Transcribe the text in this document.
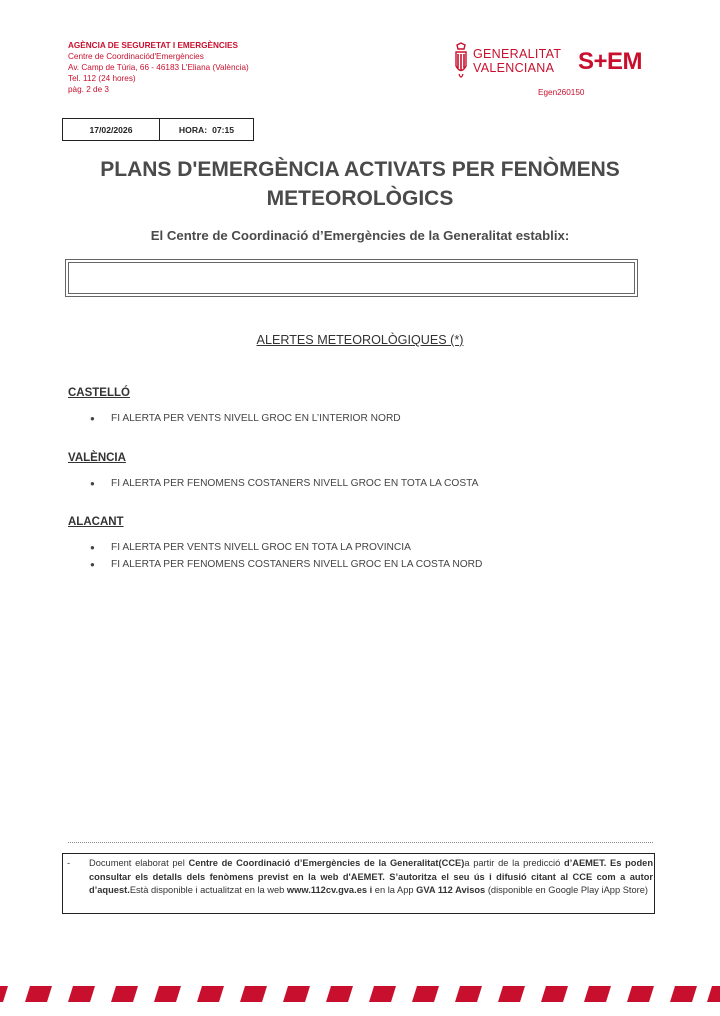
AGÈNCIA DE SEGURETAT I EMERGÈNCIES
Centre de Coordinaciód'Emergències
Av. Camp de Túria, 66 - 46183 L'Eliana (València)
Tel. 112 (24 hores)
pàg. 2 de 3
GENERALITAT
VALENCIANA S+EM
Egen260150
17/02/2026	HORA: 07:15
PLANS D'EMERGÈNCIA ACTIVATS PER FENÒMENS METEOROLÒGICS
El Centre de Coordinació d’Emergències de la Generalitat establix:
ALERTES METEOROLÒGIQUES (*)
CASTELLÓ
●	FI ALERTA PER VENTS NIVELL GROC EN L’INTERIOR NORD
VALÈNCIA
●	FI ALERTA PER FENOMENS COSTANERS NIVELL GROC EN TOTA LA COSTA
ALACANT
●	FI ALERTA PER VENTS NIVELL GROC EN TOTA LA PROVINCIA
●	FI ALERTA PER FENOMENS COSTANERS NIVELL GROC EN LA COSTA NORD
- Document elaborat pel Centre de Coordinació d’Emergències de la Generalitat(CCE)a partir de la predicció d’AEMET. Es poden consultar els detalls dels fenòmens previst en la web d'AEMET. S’autoritza el seu ús i difusió citant al CCE com a autor d’aquest.Està disponible i actualitzat en la web www.112cv.gva.es i en la App GVA 112 Avisos (disponible en Google Play iApp Store)
